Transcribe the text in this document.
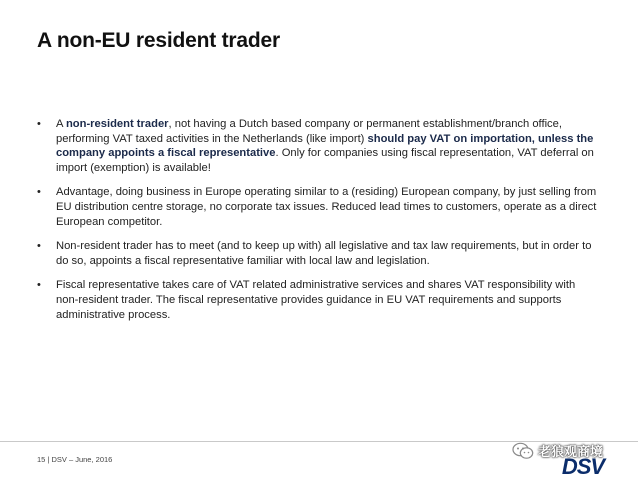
A non-EU resident trader
• A non-resident trader, not having a Dutch based company or permanent establishment/branch office, performing VAT taxed activities in the Netherlands (like import) should pay VAT on importation, unless the company appoints a fiscal representative. Only for companies using fiscal representation, VAT deferral on import (exemption) is available!
• Advantage, doing business in Europe operating similar to a (residing) European company, by just selling from EU distribution centre storage, no corporate tax issues. Reduced lead times to customers, operate as a direct European competitor.
• Non-resident trader has to meet (and to keep up with) all legislative and tax law requirements, but in order to do so, appoints a fiscal representative familiar with local law and legislation.
• Fiscal representative takes care of VAT related administrative services and shares VAT responsibility with non-resident trader. The fiscal representative provides guidance in EU VAT requirements and supports administrative process.
15 | DSV – June, 2016	老狼观商境
DSV
